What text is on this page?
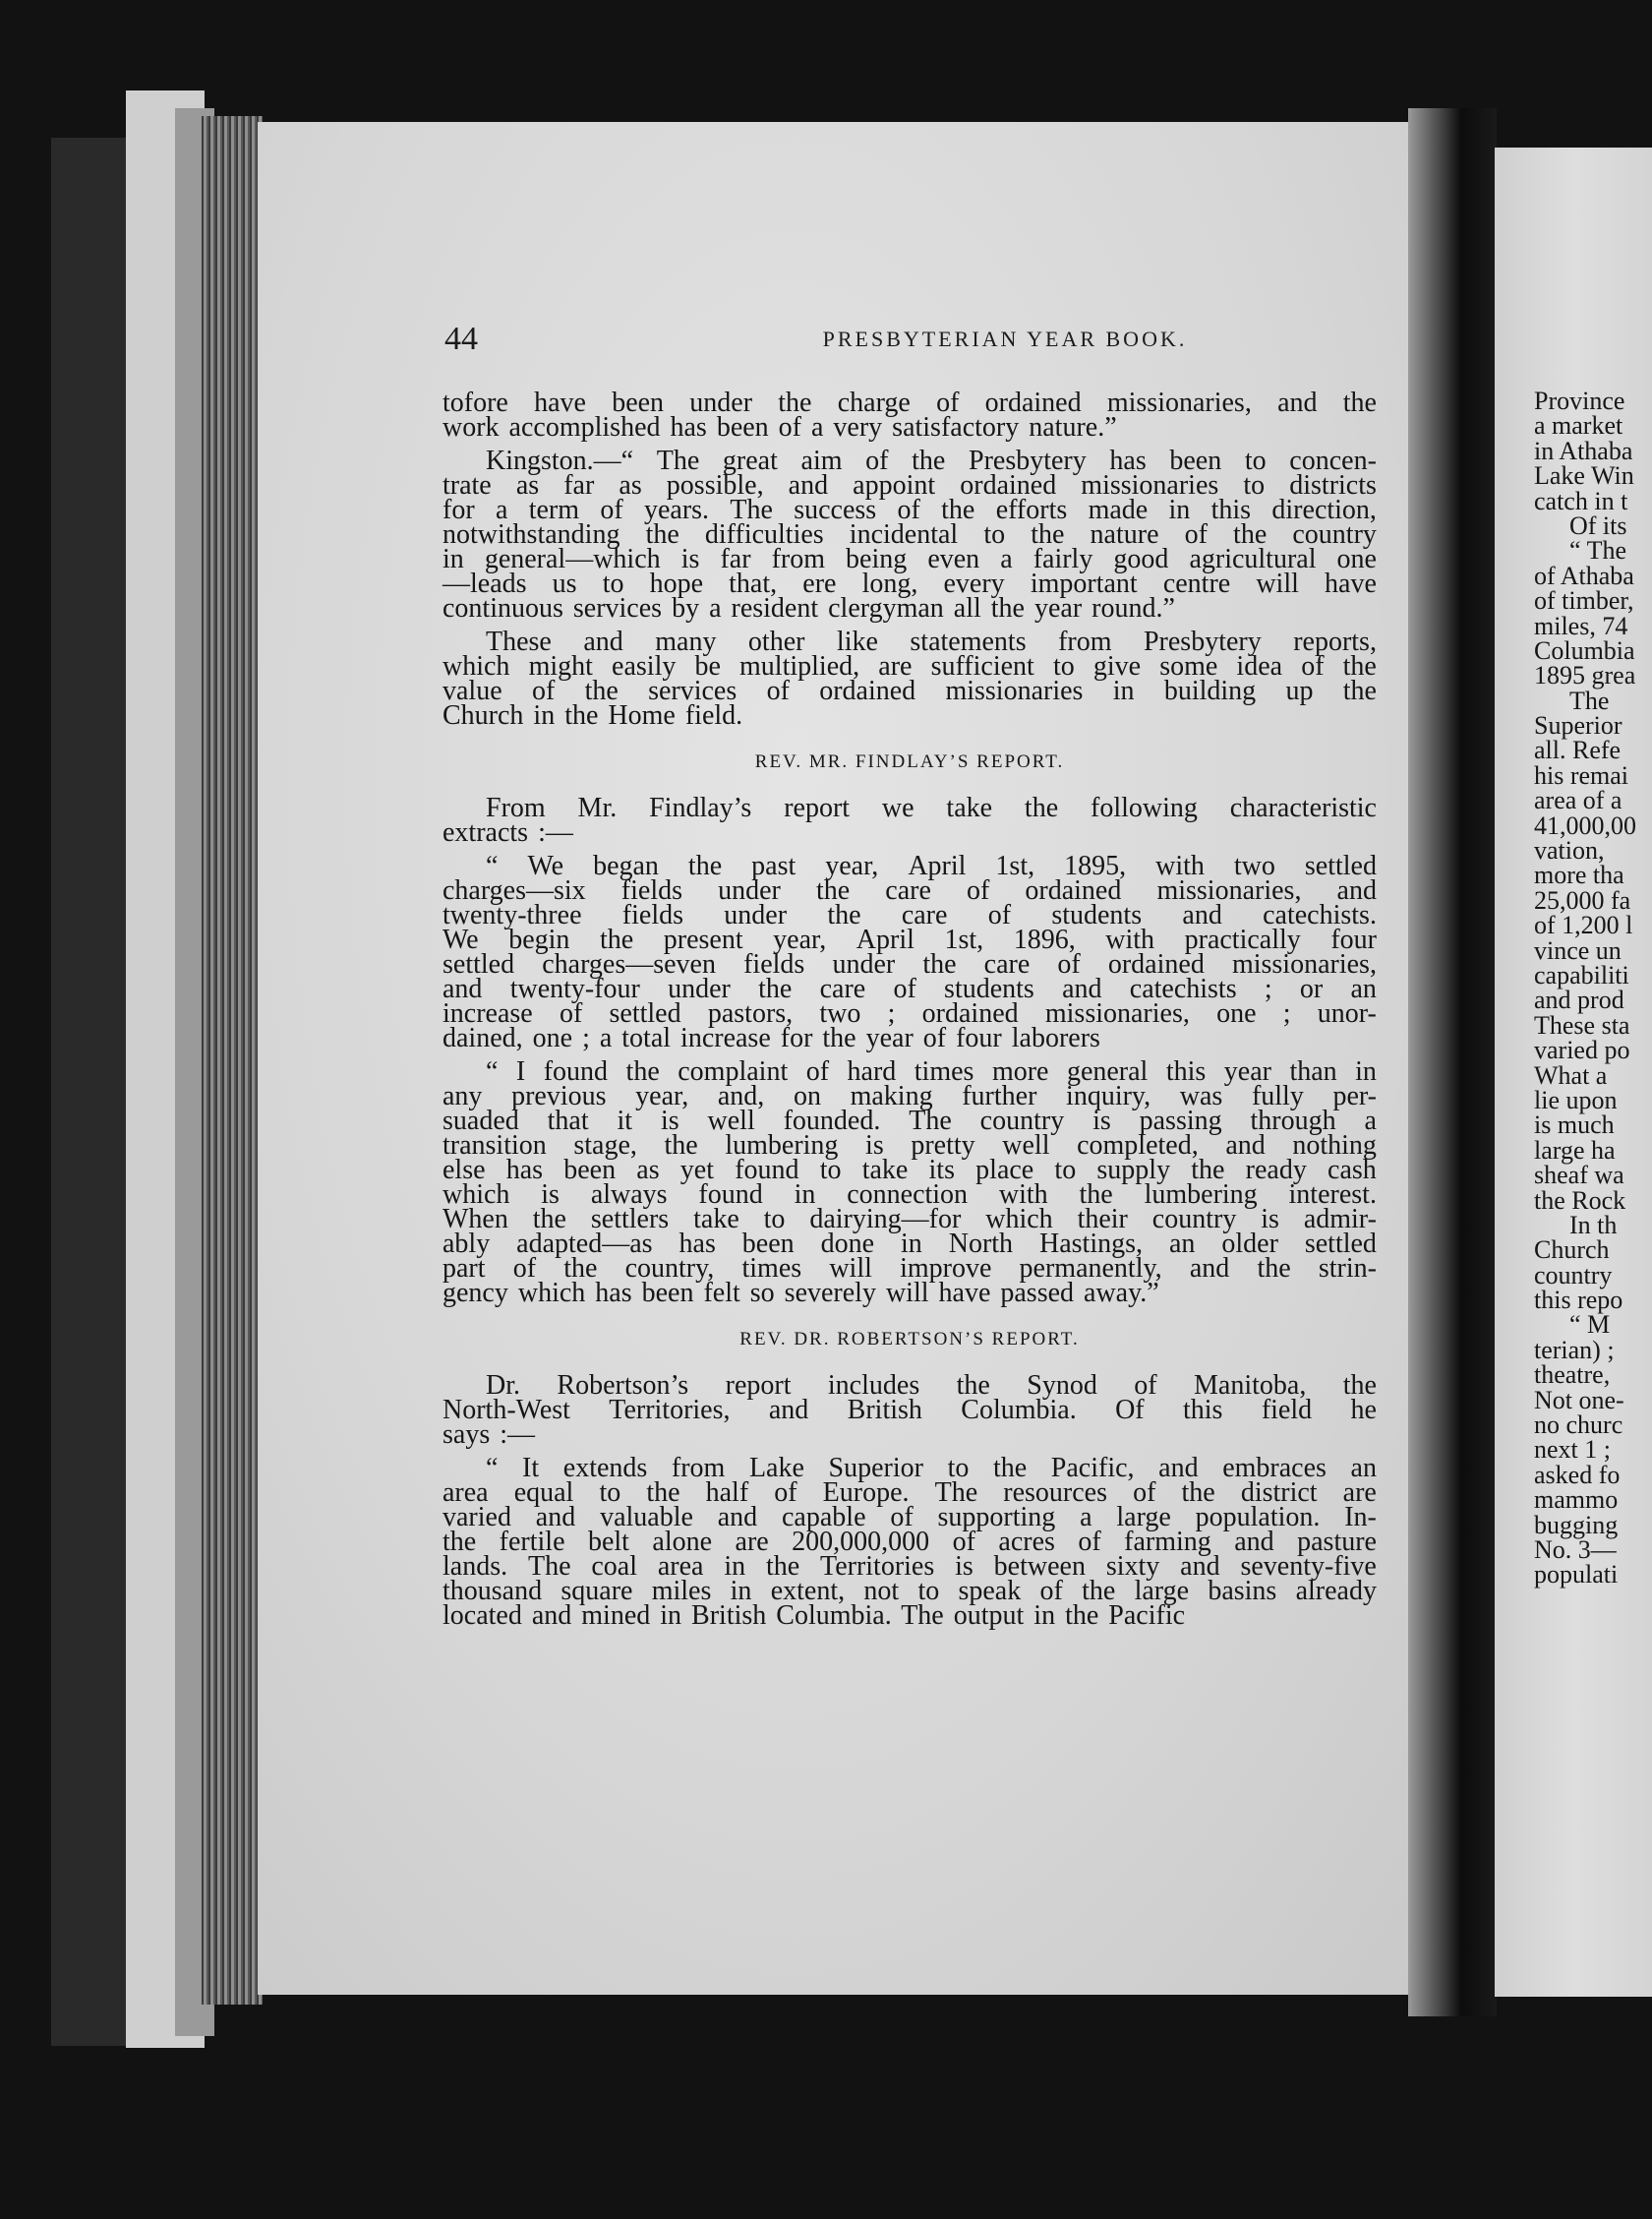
Province
a market
in Athaba
Lake Win
catch in t
Of its
“ The
of Athaba
of timber,
miles, 74
Columbia
1895 grea
The
Superior
all. Refe
his remai
area of a
41,000,00
vation,
more tha
25,000 fa
of 1,200 l
vince un
capabiliti
and prod
These sta
varied po
What a
lie upon
is much
large ha
sheaf wa
the Rock
In th
Church
country
this repo
“ M
terian) ;
theatre,
Not one-
no churc
next 1 ;
asked fo
mammo
bugging
No. 3—
populati
44	PRESBYTERIAN YEAR BOOK.
tofore have been under the charge of ordained missionaries, and the
work accomplished has been of a very satisfactory nature.”
Kingston.—“ The great aim of the Presbytery has been to concen-
trate as far as possible, and appoint ordained missionaries to districts
for a term of years. The success of the efforts made in this direction,
notwithstanding the difficulties incidental to the nature of the country
in general—which is far from being even a fairly good agricultural one
—leads us to hope that, ere long, every important centre will have
continuous services by a resident clergyman all the year round.”
These and many other like statements from Presbytery reports,
which might easily be multiplied, are sufficient to give some idea of the
value of the services of ordained missionaries in building up the
Church in the Home field.
REV. MR. FINDLAY’S REPORT.
From Mr. Findlay’s report we take the following characteristic
extracts :—
“ We began the past year, April 1st, 1895, with two settled
charges—six fields under the care of ordained missionaries, and
twenty-three fields under the care of students and catechists.
We begin the present year, April 1st, 1896, with practically four
settled charges—seven fields under the care of ordained missionaries,
and twenty-four under the care of students and catechists ; or an
increase of settled pastors, two ; ordained missionaries, one ; unor-
dained, one ; a total increase for the year of four laborers
“ I found the complaint of hard times more general this year than in
any previous year, and, on making further inquiry, was fully per-
suaded that it is well founded. The country is passing through a
transition stage, the lumbering is pretty well completed, and nothing
else has been as yet found to take its place to supply the ready cash
which is always found in connection with the lumbering interest.
When the settlers take to dairying—for which their country is admir-
ably adapted—as has been done in North Hastings, an older settled
part of the country, times will improve permanently, and the strin-
gency which has been felt so severely will have passed away.”
REV. DR. ROBERTSON’S REPORT.
Dr. Robertson’s report includes the Synod of Manitoba, the
North-West Territories, and British Columbia. Of this field he
says :—
“ It extends from Lake Superior to the Pacific, and embraces an
area equal to the half of Europe. The resources of the district are
varied and valuable and capable of supporting a large population. In-
the fertile belt alone are 200,000,000 of acres of farming and pasture
lands. The coal area in the Territories is between sixty and seventy-five
thousand square miles in extent, not to speak of the large basins already
located and mined in British Columbia. The output in the Pacific
